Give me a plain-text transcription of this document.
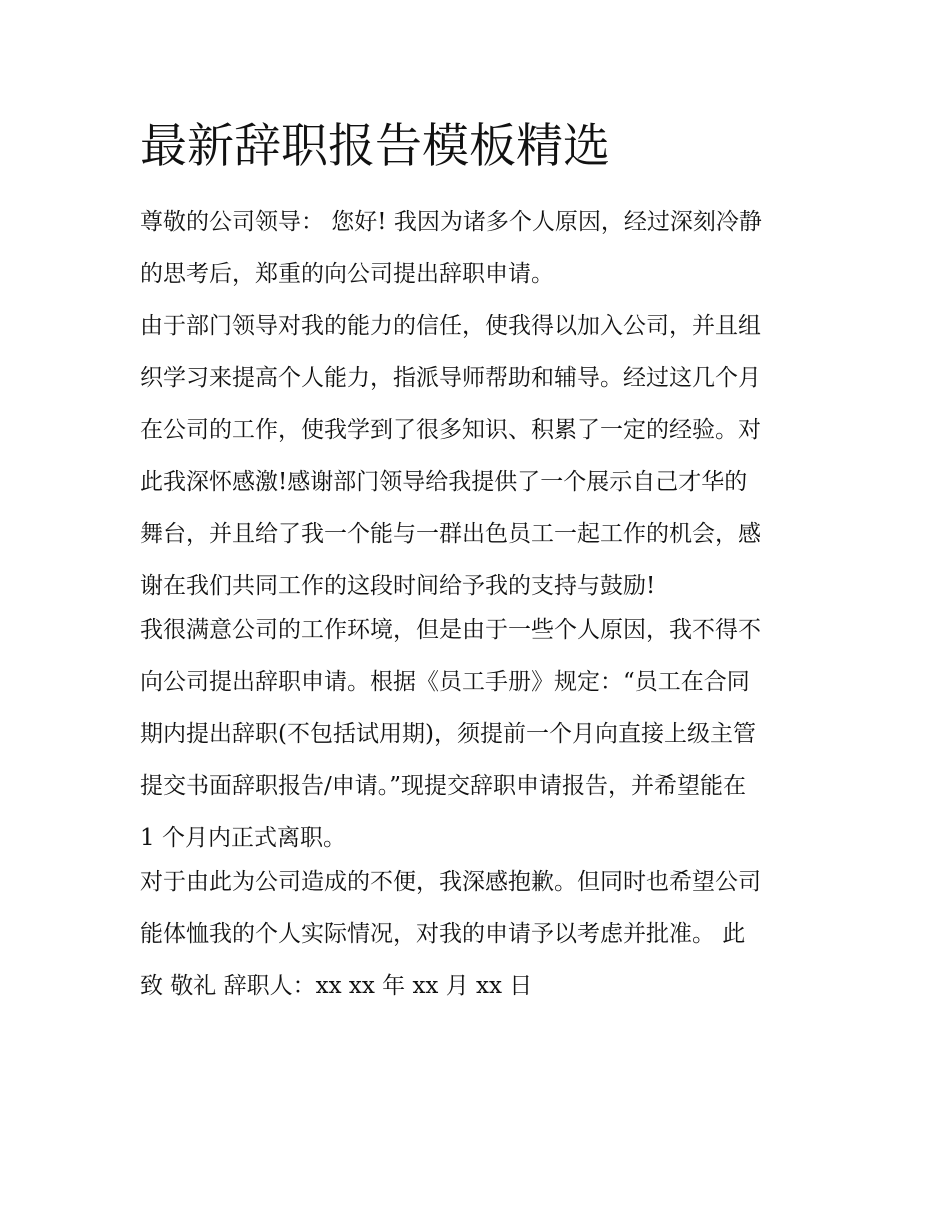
最新辞职报告模板精选

尊敬的公司领导： 您好! 我因为诸多个人原因，经过深刻冷静
的思考后，郑重的向公司提出辞职申请。

由于部门领导对我的能力的信任，使我得以加入公司，并且组
织学习来提高个人能力，指派导师帮助和辅导。经过这几个月
在公司的工作，使我学到了很多知识、积累了一定的经验。对
此我深怀感激!感谢部门领导给我提供了一个展示自己才华的
舞台，并且给了我一个能与一群出色员工一起工作的机会，感
谢在我们共同工作的这段时间给予我的支持与鼓励!

我很满意公司的工作环境，但是由于一些个人原因，我不得不
向公司提出辞职申请。根据《员工手册》规定：“员工在合同
期内提出辞职(不包括试用期)，须提前一个月向直接上级主管
提交书面辞职报告/申请。”现提交辞职申请报告，并希望能在
1 个月内正式离职。

对于由此为公司造成的不便，我深感抱歉。但同时也希望公司
能体恤我的个人实际情况，对我的申请予以考虑并批准。 此
致 敬礼 辞职人：xx xx 年 xx 月 xx 日
